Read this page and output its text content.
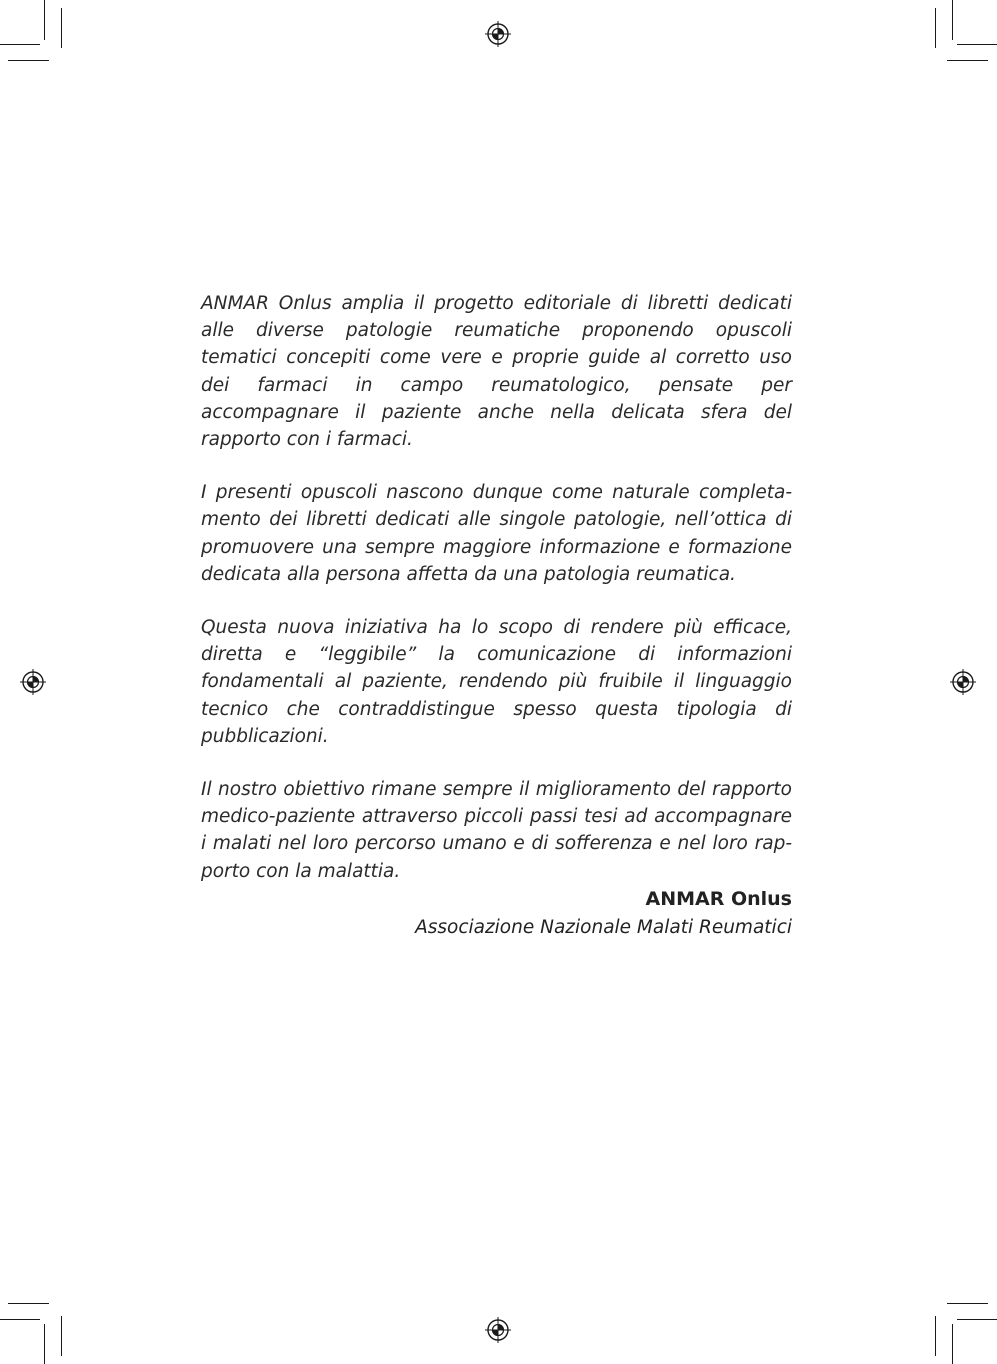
ANMAR Onlus amplia il progetto editoriale di libretti dedicati alle diverse patologie reumatiche proponendo opuscoli tematici concepiti come vere e proprie guide al corretto uso dei farmaci in campo reumatologico, pensate per accompagnare il paziente anche nella delicata sfera del rapporto con i farmaci.

I presenti opuscoli nascono dunque come naturale completamento dei libretti dedicati alle singole patologie, nell’ottica di promuovere una sempre maggiore informazione e formazione dedicata alla persona affetta da una patologia reumatica.

Questa nuova iniziativa ha lo scopo di rendere più efficace, diretta e “leggibile” la comunicazione di informazioni fondamentali al paziente, rendendo più fruibile il linguaggio tecnico che contraddistingue spesso questa tipologia di pubblicazioni.

Il nostro obiettivo rimane sempre il miglioramento del rapporto medico-paziente attraverso piccoli passi tesi ad accompagnare i malati nel loro percorso umano e di sofferenza e nel loro rapporto con la malattia.

ANMAR Onlus
Associazione Nazionale Malati Reumatici
